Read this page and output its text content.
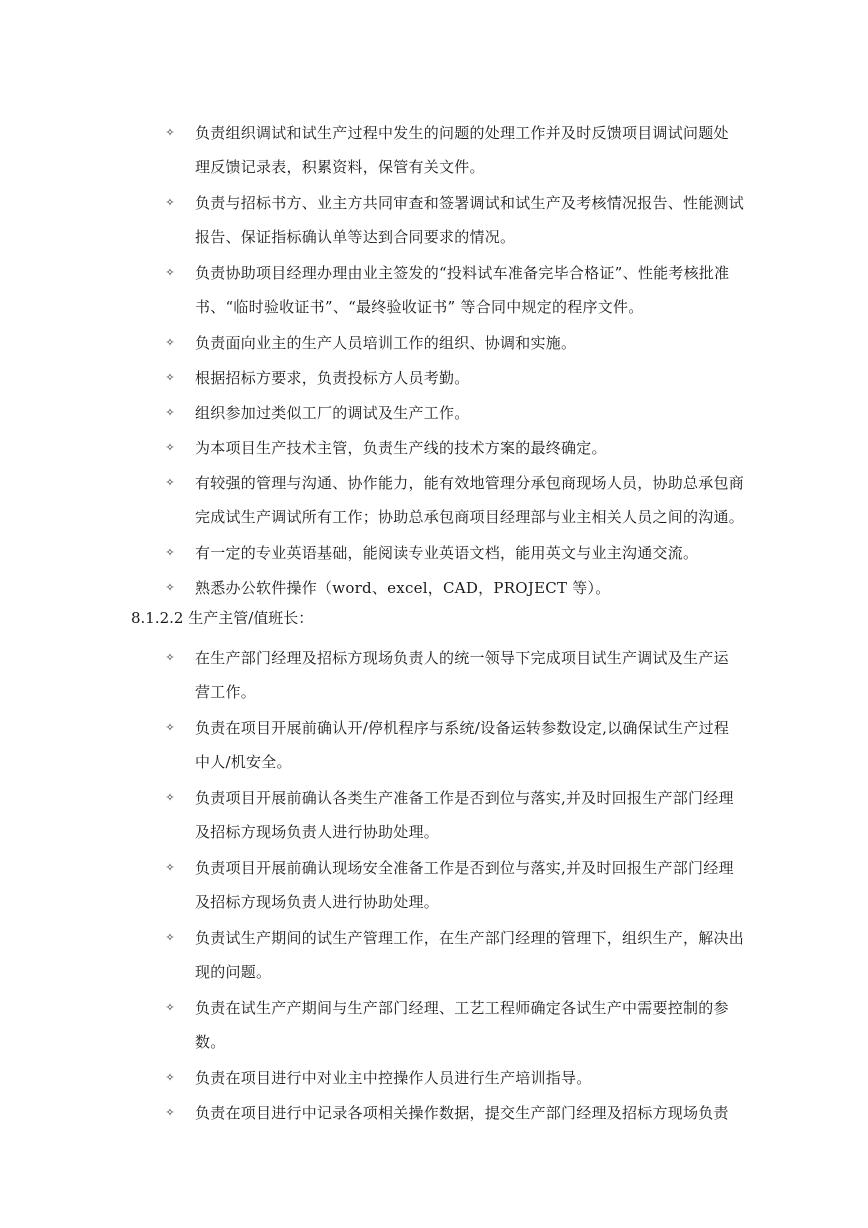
✧ 负责组织调试和试生产过程中发生的问题的处理工作并及时反馈项目调试问题处
理反馈记录表，积累资料，保管有关文件。
✧ 负责与招标书方、业主方共同审查和签署调试和试生产及考核情况报告、性能测试
报告、保证指标确认单等达到合同要求的情况。
✧ 负责协助项目经理办理由业主签发的“投料试车准备完毕合格证”、性能考核批准
书、“临时验收证书”、“最终验收证书” 等合同中规定的程序文件。
✧ 负责面向业主的生产人员培训工作的组织、协调和实施。
✧ 根据招标方要求，负责投标方人员考勤。
✧ 组织参加过类似工厂的调试及生产工作。
✧ 为本项目生产技术主管，负责生产线的技术方案的最终确定。
✧ 有较强的管理与沟通、协作能力，能有效地管理分承包商现场人员，协助总承包商
完成试生产调试所有工作；协助总承包商项目经理部与业主相关人员之间的沟通。
✧ 有一定的专业英语基础，能阅读专业英语文档，能用英文与业主沟通交流。
✧ 熟悉办公软件操作（word、excel，CAD，PROJECT 等）。
8.1.2.2 生产主管/值班长：
✧ 在生产部门经理及招标方现场负责人的统一领导下完成项目试生产调试及生产运
营工作。
✧ 负责在项目开展前确认开/停机程序与系统/设备运转参数设定,以确保试生产过程
中人/机安全。
✧ 负责项目开展前确认各类生产准备工作是否到位与落实,并及时回报生产部门经理
及招标方现场负责人进行协助处理。
✧ 负责项目开展前确认现场安全准备工作是否到位与落实,并及时回报生产部门经理
及招标方现场负责人进行协助处理。
✧ 负责试生产期间的试生产管理工作，在生产部门经理的管理下，组织生产，解决出
现的问题。
✧ 负责在试生产产期间与生产部门经理、工艺工程师确定各试生产中需要控制的参
数。
✧ 负责在项目进行中对业主中控操作人员进行生产培训指导。
✧ 负责在项目进行中记录各项相关操作数据，提交生产部门经理及招标方现场负责
